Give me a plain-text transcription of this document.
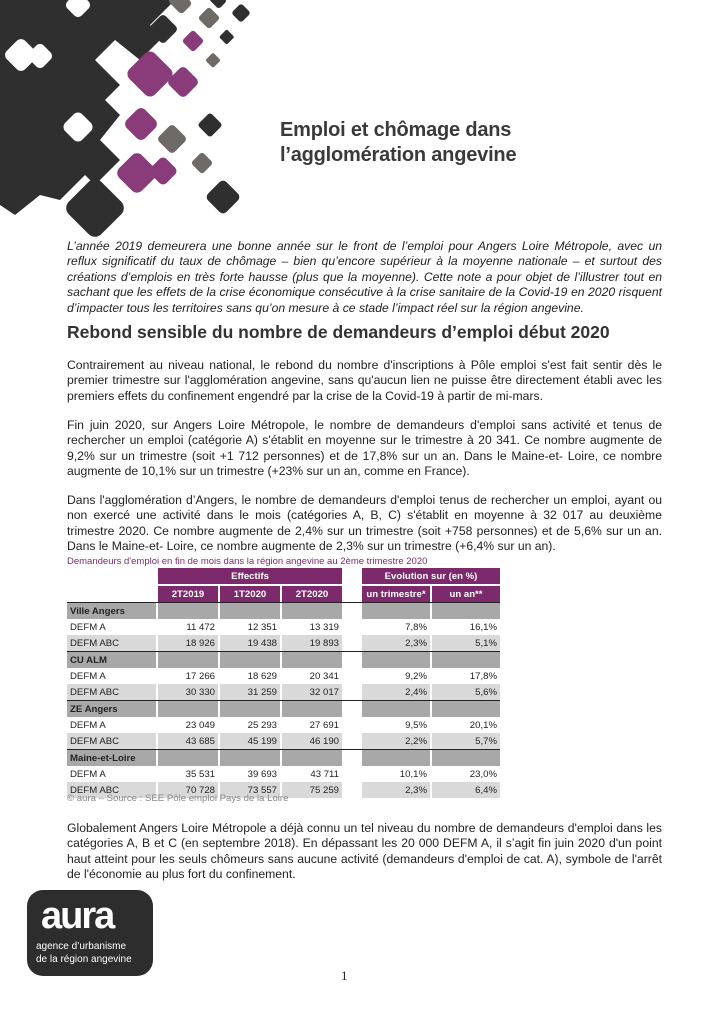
Emploi et chômage dans
l’agglomération angevine
L’année 2019 demeurera une bonne année sur le front de l’emploi pour Angers Loire Métropole, avec un reflux significatif du taux de chômage – bien qu’encore supérieur à la moyenne nationale – et surtout des créations d’emplois en très forte hausse (plus que la moyenne). Cette note a pour objet de l’illustrer tout en sachant que les effets de la crise économique consécutive à la crise sanitaire de la Covid-19 en 2020 risquent d’impacter tous les territoires sans qu’on mesure à ce stade l’impact réel sur la région angevine.
Rebond sensible du nombre de demandeurs d’emploi début 2020
Contrairement au niveau national, le rebond du nombre d'inscriptions à Pôle emploi s'est fait sentir dès le premier trimestre sur l'agglomération angevine, sans qu'aucun lien ne puisse être directement établi avec les premiers effets du confinement engendré par la crise de la Covid-19 à partir de mi-mars.
Fin juin 2020, sur Angers Loire Métropole, le nombre de demandeurs d'emploi sans activité et tenus de rechercher un emploi (catégorie A) s'établit en moyenne sur le trimestre à 20 341. Ce nombre augmente de 9,2% sur un trimestre (soit +1 712 personnes) et de 17,8% sur un an. Dans le Maine-et- Loire, ce nombre augmente de 10,1% sur un trimestre (+23% sur un an, comme en France).
Dans l'agglomération d’Angers, le nombre de demandeurs d'emploi tenus de rechercher un emploi, ayant ou non exercé une activité dans le mois (catégories A, B, C) s'établit en moyenne à 32 017 au deuxième trimestre 2020. Ce nombre augmente de 2,4% sur un trimestre (soit +758 personnes) et de 5,6% sur un an. Dans le Maine-et- Loire, ce nombre augmente de 2,3% sur un trimestre (+6,4% sur un an).
Demandeurs d'emploi en fin de mois dans la région angevine au 2ème trimestre 2020
Effectifs	Evolution sur (en %)
2T2019	1T2020	2T2020	un trimestre*	un an**
Ville Angers
DEFM A	11 472	12 351	13 319	7,8%	16,1%
DEFM ABC	18 926	19 438	19 893	2,3%	5,1%
CU ALM
DEFM A	17 266	18 629	20 341	9,2%	17,8%
DEFM ABC	30 330	31 259	32 017	2,4%	5,6%
ZE Angers
DEFM A	23 049	25 293	27 691	9,5%	20,1%
DEFM ABC	43 685	45 199	46 190	2,2%	5,7%
Maine-et-Loire
DEFM A	35 531	39 693	43 711	10,1%	23,0%
DEFM ABC	70 728	73 557	75 259	2,3%	6,4%
© aura – Source : SEE Pôle emploi Pays de la Loire
Globalement Angers Loire Métropole a déjà connu un tel niveau du nombre de demandeurs d'emploi dans les catégories A, B et C (en septembre 2018). En dépassant les 20 000 DEFM A, il s’agit fin juin 2020 d'un point haut atteint pour les seuls chômeurs sans aucune activité (demandeurs d'emploi de cat. A), symbole de l'arrêt de l'économie au plus fort du confinement.
aura
agence d’urbanisme
de la région angevine
1
